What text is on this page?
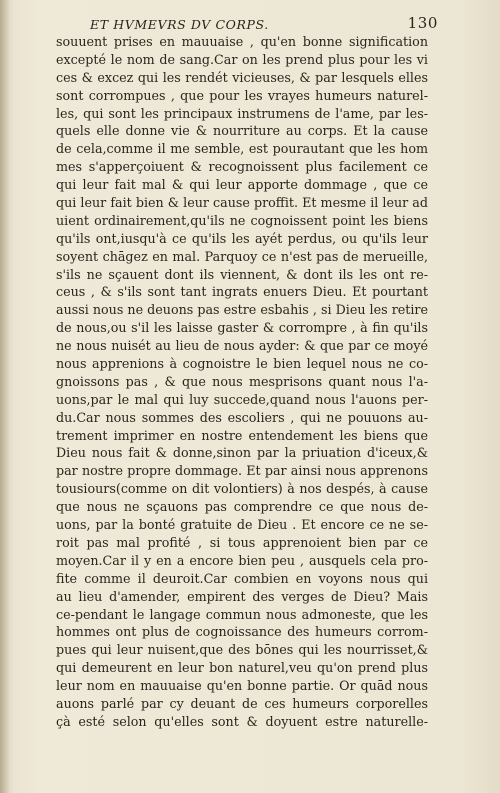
ET HVMEVRS DV CORPS.	130
souuent prises en mauuaise , qu'en bonne signification
excepté le nom de sang.Car on les prend plus pour les vi
ces & excez qui les rendét vicieuses, & par lesquels elles
sont corrompues , que pour les vrayes humeurs naturel-
les, qui sont les principaux instrumens de l'ame, par les-
quels elle donne vie & nourriture au corps. Et la cause
de cela,comme il me semble, est pourautant que les hom
mes s'apperçoiuent & recognoissent plus facilement ce
qui leur fait mal & qui leur apporte dommage , que ce
qui leur fait bien & leur cause proffit. Et mesme il leur ad
uient ordinairement,qu'ils ne cognoissent point les biens
qu'ils ont,iusqu'à ce qu'ils les ayét perdus, ou qu'ils leur
soyent chāgez en mal. Parquoy ce n'est pas de merueille,
s'ils ne sçauent dont ils viennent, & dont ils les ont re-
ceus , & s'ils sont tant ingrats enuers Dieu. Et pourtant
aussi nous ne deuons pas estre esbahis , si Dieu les retire
de nous,ou s'il les laisse gaster & corrompre , à fin qu'ils
ne nous nuisét au lieu de nous ayder: & que par ce moyé
nous apprenions à cognoistre le bien lequel nous ne co-
gnoissons pas , & que nous mesprisons quant nous l'a-
uons,par le mal qui luy succede,quand nous l'auons per-
du.Car nous sommes des escoliers , qui ne pouuons au-
trement imprimer en nostre entendement les biens que
Dieu nous fait & donne,sinon par la priuation d'iceux,&
par nostre propre dommage. Et par ainsi nous apprenons
tousiours(comme on dit volontiers) à nos despés, à cause
que nous ne sçauons pas comprendre ce que nous de-
uons, par la bonté gratuite de Dieu . Et encore ce ne se-
roit pas mal profité , si tous apprenoient bien par ce
moyen.Car il y en a encore bien peu , ausquels cela pro-
fite comme il deuroit.Car combien en voyons nous qui
au lieu d'amender, empirent des verges de Dieu? Mais
ce-pendant le langage commun nous admoneste, que les
hommes ont plus de cognoissance des humeurs corrom-
pues qui leur nuisent,que des bōnes qui les nourrisset,&
qui demeurent en leur bon naturel,veu qu'on prend plus
leur nom en mauuaise qu'en bonne partie. Or quād nous
auons parlé par cy deuant de ces humeurs corporelles
çà esté selon qu'elles sont & doyuent estre naturelle-
